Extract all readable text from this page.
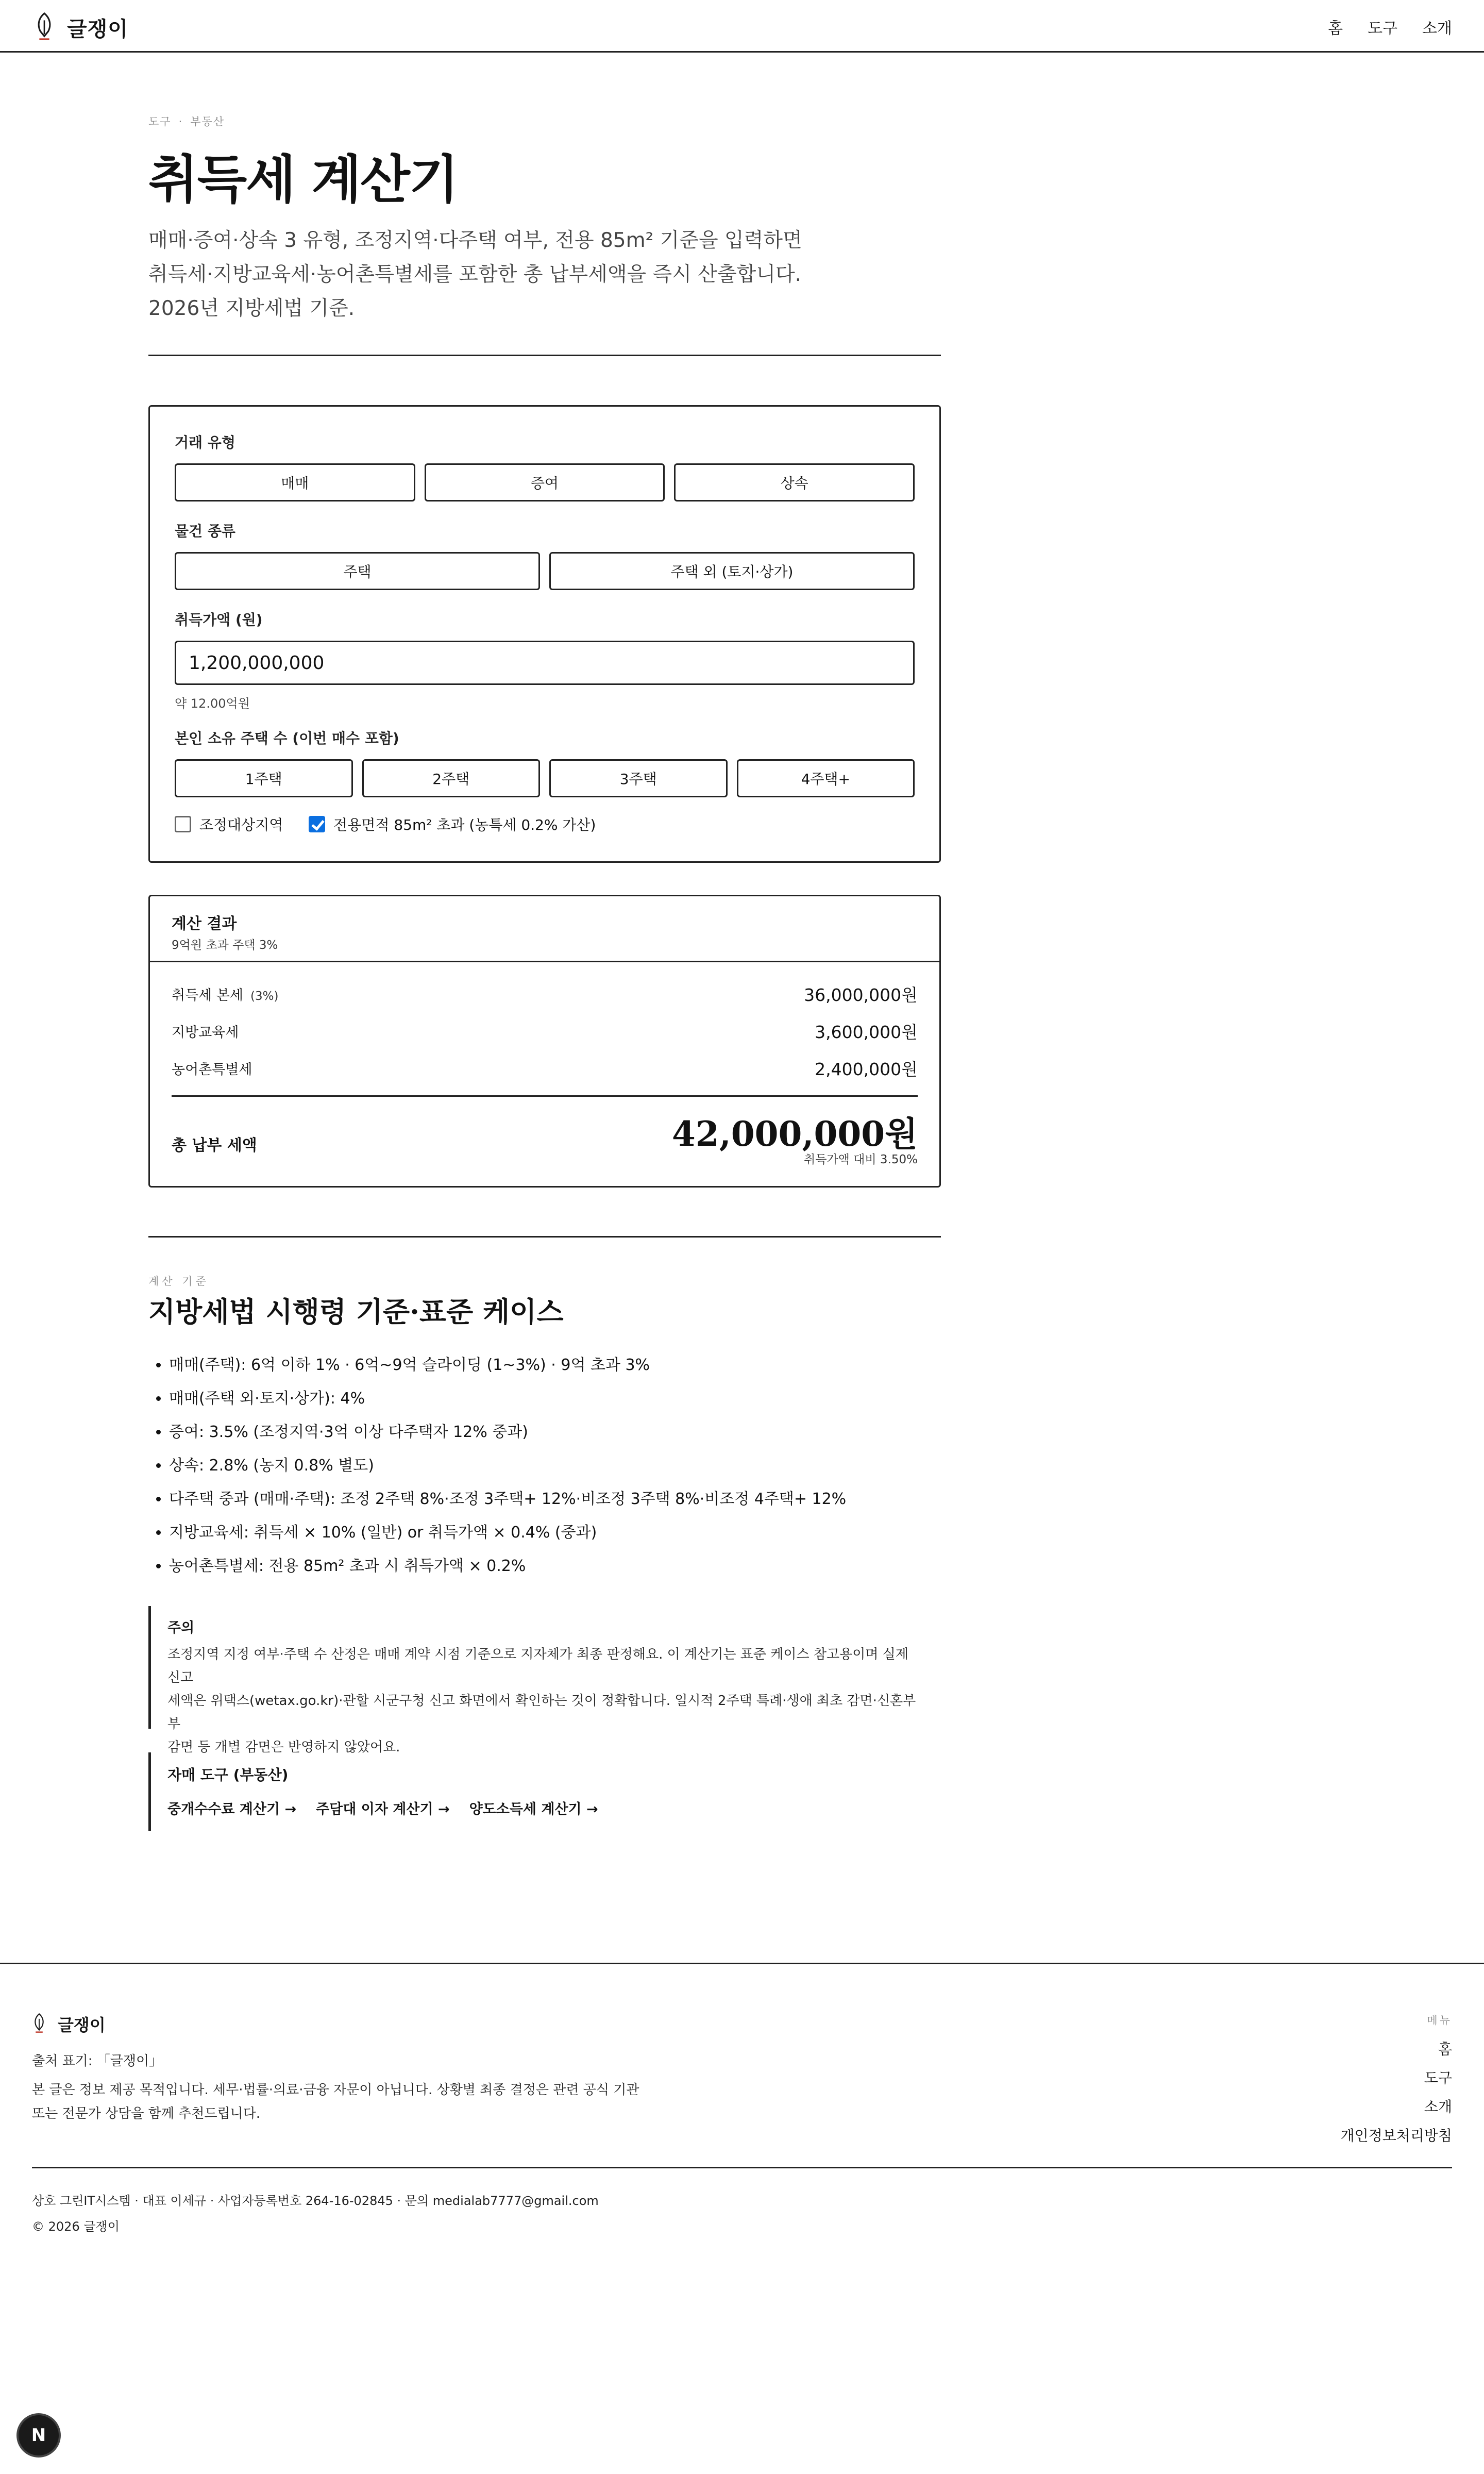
글쟁이	홈 도구 소개
도구 · 부동산
취득세 계산기
매매·증여·상속 3 유형, 조정지역·다주택 여부, 전용 85m² 기준을 입력하면
취득세·지방교육세·농어촌특별세를 포함한 총 납부세액을 즉시 산출합니다.
2026년 지방세법 기준.
거래 유형
매매	증여	상속
물건 종류
주택	주택 외 (토지·상가)
취득가액 (원)
1,200,000,000
약 12.00억원
본인 소유 주택 수 (이번 매수 포함)
1주택	2주택	3주택	4주택+
조정대상지역	전용면적 85m² 초과 (농특세 0.2% 가산)
계산 결과
9억원 초과 주택 3%
취득세 본세 (3%)	36,000,000원
지방교육세	3,600,000원
농어촌특별세	2,400,000원
총 납부 세액	42,000,000원
취득가액 대비 3.50%
계산 기준
지방세법 시행령 기준·표준 케이스
• 매매(주택): 6억 이하 1% · 6억~9억 슬라이딩 (1~3%) · 9억 초과 3%
• 매매(주택 외·토지·상가): 4%
• 증여: 3.5% (조정지역·3억 이상 다주택자 12% 중과)
• 상속: 2.8% (농지 0.8% 별도)
• 다주택 중과 (매매·주택): 조정 2주택 8%·조정 3주택+ 12%·비조정 3주택 8%·비조정 4주택+ 12%
• 지방교육세: 취득세 × 10% (일반) or 취득가액 × 0.4% (중과)
• 농어촌특별세: 전용 85m² 초과 시 취득가액 × 0.2%
주의
조정지역 지정 여부·주택 수 산정은 매매 계약 시점 기준으로 지자체가 최종 판정해요. 이 계산기는 표준 케이스 참고용이며 실제 신고
세액은 위택스(wetax.go.kr)·관할 시군구청 신고 화면에서 확인하는 것이 정확합니다. 일시적 2주택 특례·생애 최초 감면·신혼부부
감면 등 개별 감면은 반영하지 않았어요.
자매 도구 (부동산)
중개수수료 계산기 → 주담대 이자 계산기 → 양도소득세 계산기 →
글쟁이
출처 표기: 「글쟁이」
본 글은 정보 제공 목적입니다. 세무·법률·의료·금융 자문이 아닙니다. 상황별 최종 결정은 관련 공식 기관
또는 전문가 상담을 함께 추천드립니다.
메뉴
홈
도구
소개
개인정보처리방침
상호 그린IT시스템 · 대표 이세규 · 사업자등록번호 264-16-02845 · 문의 medialab7777@gmail.com
© 2026 글쟁이
N
